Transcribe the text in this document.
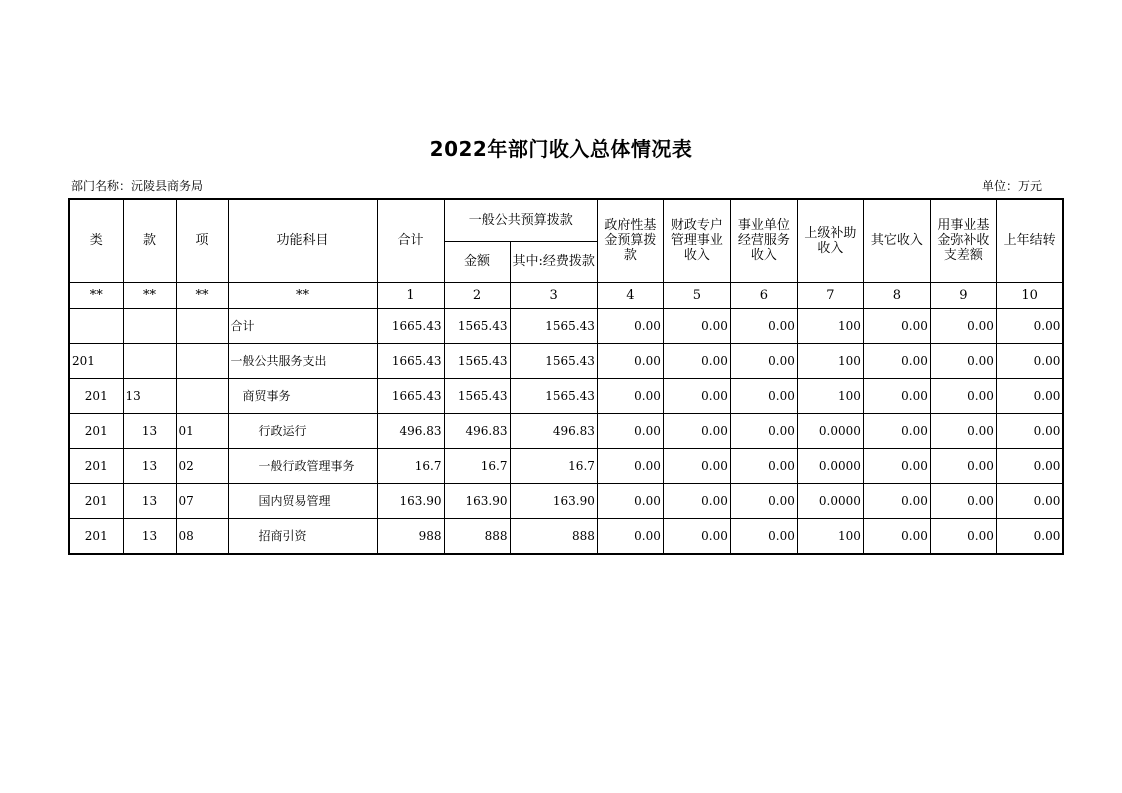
2022年部门收入总体情况表
部门名称：沅陵县商务局	单位：万元
类	款	项	功能科目	合计	一般公共预算拨款		政府性基金预算拨款	财政专户管理事业收入	事业单位经营服务收入	上级补助收入	其它收入	用事业基金弥补收支差额	上年结转
					金额	其中:经费拨款							
**	**	**	**	1	2	3	4	5	6	7	8	9	10
			合计	1665.43	1565.43	1565.43	0.00	0.00	0.00	100	0.00	0.00	0.00
201			一般公共服务支出	1665.43	1565.43	1565.43	0.00	0.00	0.00	100	0.00	0.00	0.00
201	13		商贸事务	1665.43	1565.43	1565.43	0.00	0.00	0.00	100	0.00	0.00	0.00
201	13	01	行政运行	496.83	496.83	496.83	0.00	0.00	0.00	0.0000	0.00	0.00	0.00
201	13	02	一般行政管理事务	16.7	16.7	16.7	0.00	0.00	0.00	0.0000	0.00	0.00	0.00
201	13	07	国内贸易管理	163.90	163.90	163.90	0.00	0.00	0.00	0.0000	0.00	0.00	0.00
201	13	08	招商引资	988	888	888	0.00	0.00	0.00	100	0.00	0.00	0.00
